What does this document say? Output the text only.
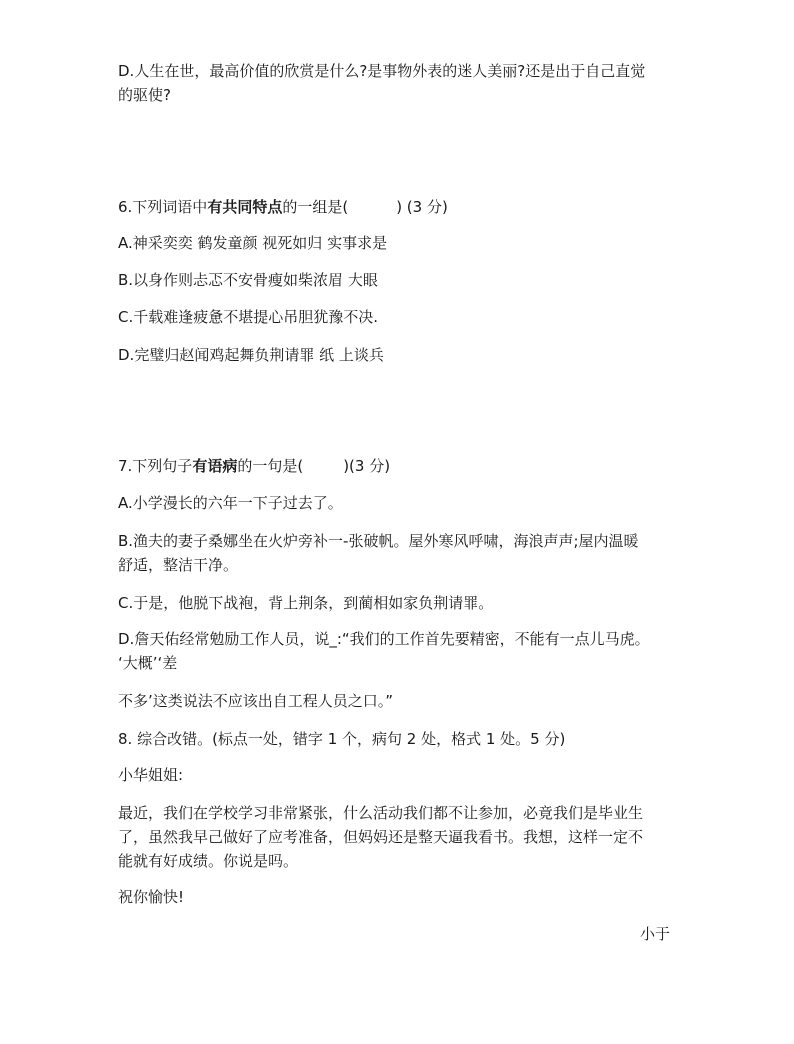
D.人生在世，最高价值的欣赏是什么?是事物外表的迷人美丽?还是出于自己直觉
的驱使?
6.下列词语中有共同特点的一组是(	) (3 分)
A.神采奕奕 鹤发童颜 视死如归 实事求是
B.以身作则忐忑不安骨瘦如柴浓眉 大眼
C.千载难逢疲惫不堪提心吊胆犹豫不决.
D.完璧归赵闻鸡起舞负荆请罪 纸 上谈兵
7.下列句子有语病的一句是(	)(3 分)
A.小学漫长的六年一下子过去了。
B.渔夫的妻子桑娜坐在火炉旁补一-张破帆。屋外寒风呼啸，海浪声声;屋内温暖
舒适，整洁干净。
C.于是，他脱下战袍，背上荆条，到蔺相如家负荆请罪。
D.詹天佑经常勉励工作人员，说_:“我们的工作首先要精密，不能有一点儿马虎。
‘大概’‘差
不多’这类说法不应该出自工程人员之口。”
8. 综合改错。(标点一处，错字 1 个，病句 2 处，格式 1 处。5 分)
小华姐姐:
最近，我们在学校学习非常紧张，什么活动我们都不让参加，必竟我们是毕业生
了，虽然我早己做好了应考准备，但妈妈还是整天逼我看书。我想，这样一定不
能就有好成绩。你说是吗。
祝你愉快!
小于
